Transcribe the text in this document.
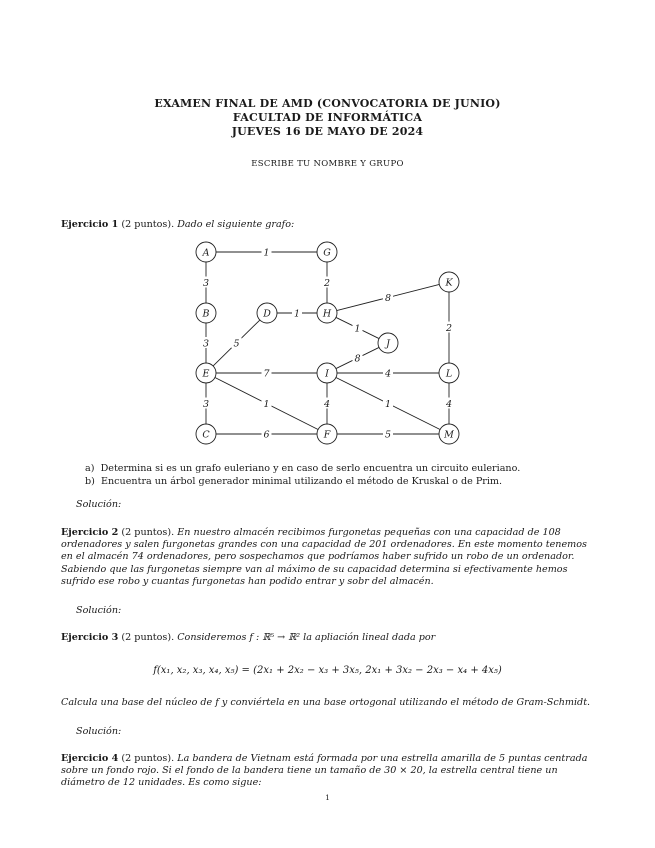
EXAMEN FINAL DE AMD (CONVOCATORIA DE JUNIO)
FACULTAD DE INFORMÁTICA
JUEVES 16 DE MAYO DE 2024
ESCRIBE TU NOMBRE Y GRUPO
Ejercicio 1 (2 puntos). Dado el siguiente grafo:
1
3	2
3
1
5
8
1
8
2
7	4
3	1	4	1	4
6	5
A	G
K
B	D	H
J
E	I	L
C	F	M
a) Determina si es un grafo euleriano y en caso de serlo encuentra un circuito euleriano.
b) Encuentra un árbol generador minimal utilizando el método de Kruskal o de Prim.
Solución:
Ejercicio 2 (2 puntos). En nuestro almacén recibimos furgonetas pequeñas con una capacidad de 108 ordenadores y salen furgonetas grandes con una capacidad de 201 ordenadores. En este momento tenemos en el almacén 74 ordenadores, pero sospechamos que podríamos haber sufrido un robo de un ordenador. Sabiendo que las furgonetas siempre van al máximo de su capacidad determina si efectivamente hemos sufrido ese robo y cuantas furgonetas han podido entrar y sobr del almacén.
Solución:
Ejercicio 3 (2 puntos). Consideremos f : ℝ⁵ → ℝ² la apliación lineal dada por
f(x₁, x₂, x₃, x₄, x₅) = (2x₁ + 2x₂ − x₃ + 3x₅, 2x₁ + 3x₂ − 2x₃ − x₄ + 4x₅)
Calcula una base del núcleo de f y conviértela en una base ortogonal utilizando el método de Gram-Schmidt.
Solución:
Ejercicio 4 (2 puntos). La bandera de Vietnam está formada por una estrella amarilla de 5 puntas centrada sobre un fondo rojo. Si el fondo de la bandera tiene un tamaño de 30 × 20, la estrella central tiene un diámetro de 12 unidades. Es como sigue:
1
